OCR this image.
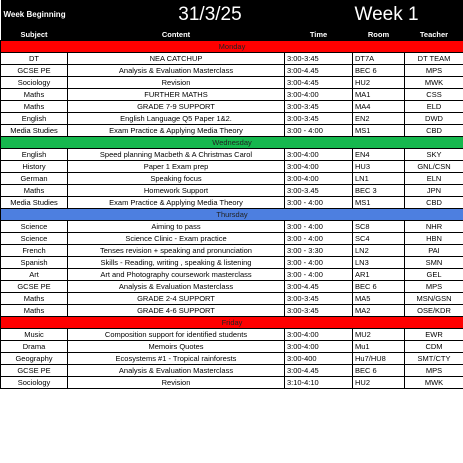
Week Beginning	31/3/25		Week 1	
Subject	Content	Time	Room	Teacher
Monday				
DT	NEA CATCHUP	3:00-3:45	DT7A	DT TEAM
GCSE PE	Analysis & Evaluation Masterclass	3:00-4.45	BEC 6	MPS
Sociology	Revision	3:00-4:45	HU2	MWK
Maths	FURTHER MATHS	3:00-4:00	MA1	CSS
Maths	GRADE 7-9 SUPPORT	3:00-3:45	MA4	ELD
English	English Language Q5 Paper 1&2.	3:00-3:45	EN2	DWD
Media Studies	Exam Practice & Applying Media Theory	3:00 - 4:00	MS1	CBD
Wednesday				
English	Speed planning Macbeth & A Christmas Carol	3:00-4:00	EN4	SKY
History	Paper 1 Exam prep	3:00-4:00	HU3	GNL/CSN
German	Speaking focus	3:00-4:00	LN1	ELN
Maths	Homework Support	3:00-3.45	BEC 3	JPN
Media Studies	Exam Practice & Applying Media Theory	3:00 - 4:00	MS1	CBD
Thursday				
Science	Aiming to pass	3:00 - 4:00	SC8	NHR
Science	Science Clinic - Exam practice	3:00 - 4:00	SC4	HBN
French	Tenses revision + speaking and pronunciation	3:00 - 3:30	LN2	PAI
Spanish	Skills - Reading, writing , speaking & listening	3:00 - 4:00	LN3	SMN
Art	Art and Photography coursework masterclass	3:00 - 4:00	AR1	GEL
GCSE PE	Analysis & Evaluation Masterclass	3:00-4.45	BEC 6	MPS
Maths	GRADE 2-4 SUPPORT	3:00-3:45	MA5	MSN/GSN
Maths	GRADE 4-6 SUPPORT	3:00-3:45	MA2	OSE/KDR
Friday				
Music	Composition support for identified students	3:00-4:00	MU2	EWR
Drama	Memoirs Quotes	3:00-4:00	Mu1	CDM
Geography	Ecosystems #1 - Tropical rainforests	3:00-400	Hu7/HU8	SMT/CTY
GCSE PE	Analysis & Evaluation Masterclass	3:00-4.45	BEC 6	MPS
Sociology	Revision	3:10-4:10	HU2	MWK
